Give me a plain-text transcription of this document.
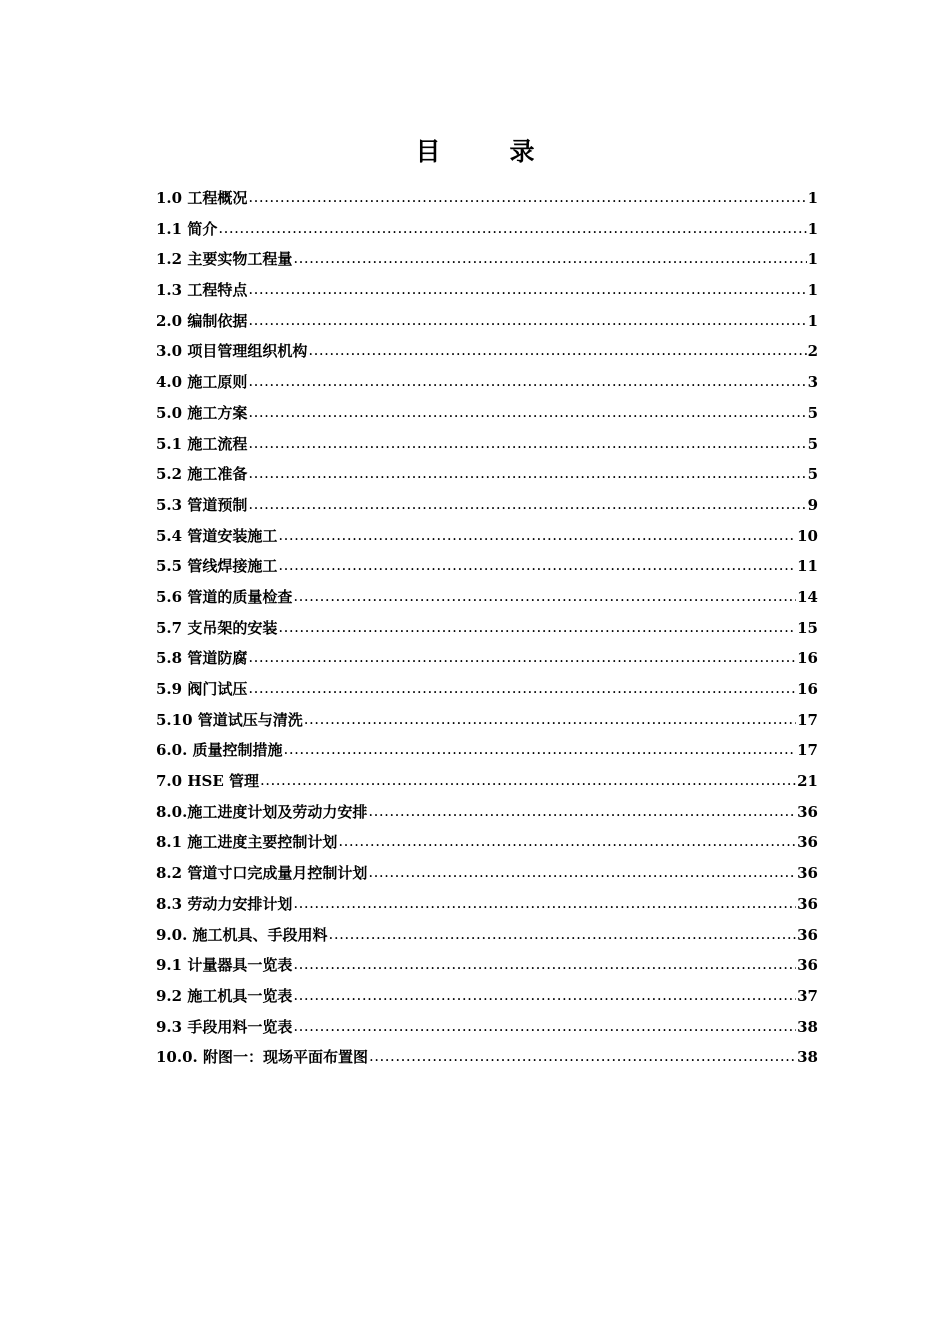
目　录
1.0 工程概况 .....	1
1.1 简介 .....	1
1.2 主要实物工程量 .....	1
1.3 工程特点 .....	1
2.0 编制依据 .....	1
3.0 项目管理组织机构 .....	2
4.0 施工原则 .....	3
5.0 施工方案 .....	5
5.1 施工流程 .....	5
5.2 施工准备 .....	5
5.3 管道预制 .....	9
5.4 管道安装施工 .....	10
5.5 管线焊接施工 .....	11
5.6 管道的质量检查 .....	14
5.7 支吊架的安装 .....	15
5.8 管道防腐 .....	16
5.9 阀门试压 .....	16
5.10 管道试压与清洗 .....	17
6.0. 质量控制措施 .....	17
7.0 HSE 管理 .....	21
8.0.施工进度计划及劳动力安排 .....	36
8.1 施工进度主要控制计划 .....	36
8.2 管道寸口完成量月控制计划 .....	36
8.3 劳动力安排计划 .....	36
9.0. 施工机具、手段用料 .....	36
9.1 计量器具一览表 .....	36
9.2 施工机具一览表 .....	37
9.3 手段用料一览表 .....	38
10.0. 附图一：现场平面布置图 .....	38
